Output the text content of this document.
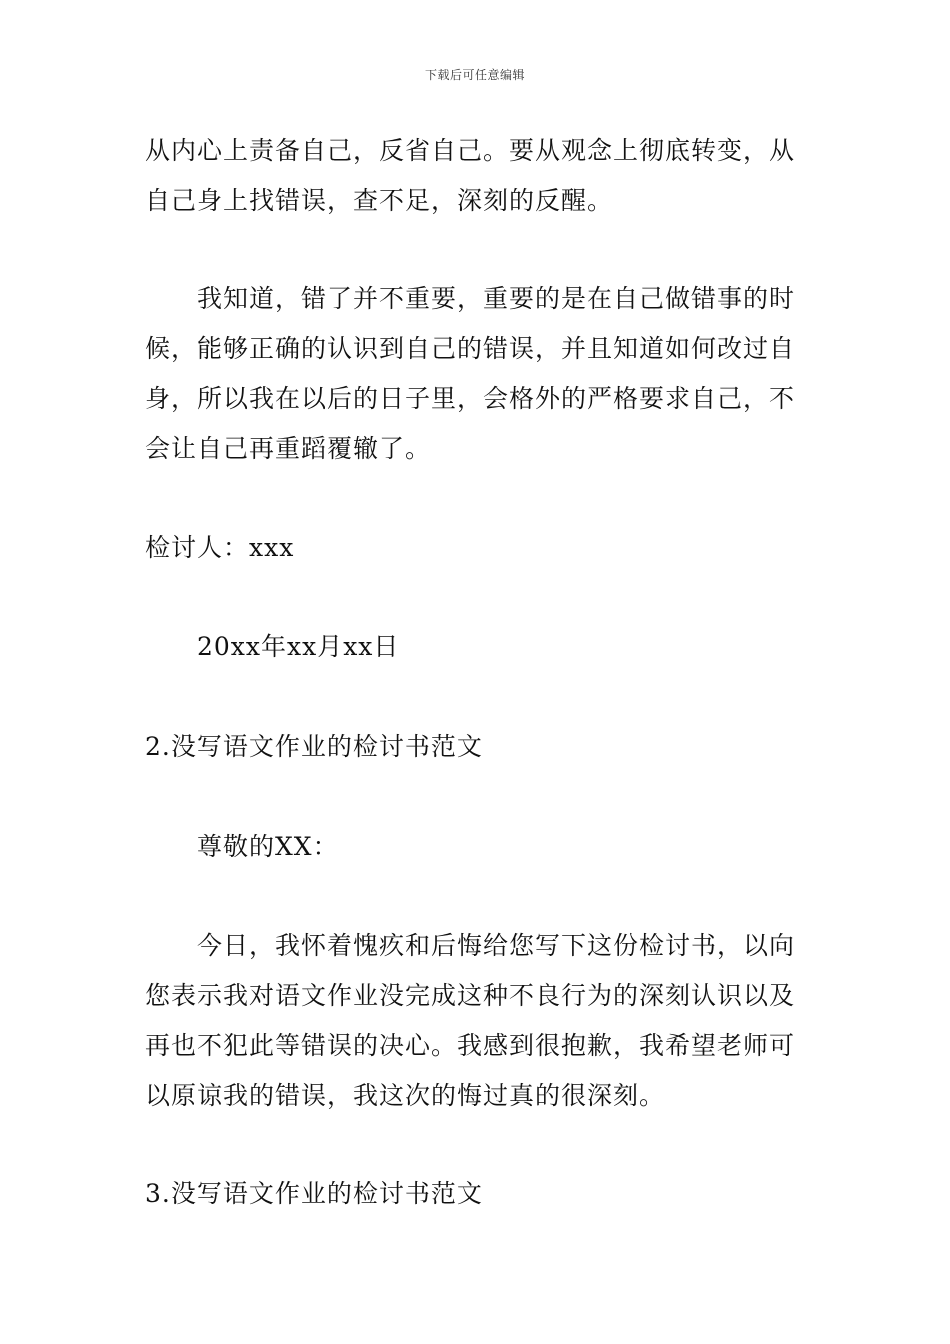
下载后可任意编辑

从内心上责备自己，反省自己。要从观念上彻底转变，从自己身上找错误，查不足，深刻的反醒。

我知道，错了并不重要，重要的是在自己做错事的时候，能够正确的认识到自己的错误，并且知道如何改过自身，所以我在以后的日子里，会格外的严格要求自己，不会让自己再重蹈覆辙了。

检讨人：xxx

20xx年xx月xx日

2.没写语文作业的检讨书范文

尊敬的XX：

今日，我怀着愧疚和后悔给您写下这份检讨书，以向您表示我对语文作业没完成这种不良行为的深刻认识以及再也不犯此等错误的决心。我感到很抱歉，我希望老师可以原谅我的错误，我这次的悔过真的很深刻。

3.没写语文作业的检讨书范文
